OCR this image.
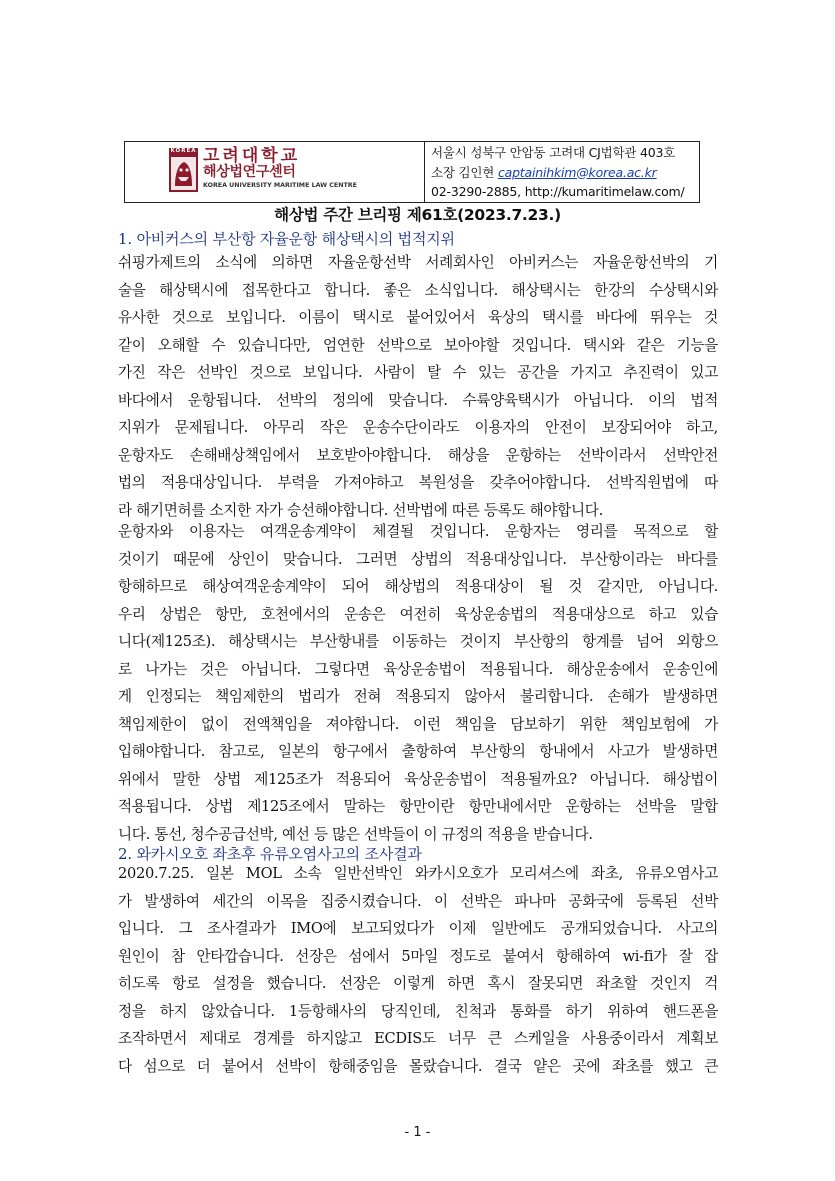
KOREA 고려대학교
해상법연구센터
KOREA UNIVERSITY MARITIME LAW CENTRE
서울시 성북구 안암동 고려대 CJ법학관 403호
소장 김인현 captainihkim@korea.ac.kr
02-3290-2885, http://kumaritimelaw.com/
해상법 주간 브리핑 제61호(2023.7.23.)
1. 아비커스의 부산항 자율운항 해상택시의 법적지위
쉬핑가제트의 소식에 의하면 자율운항선박 서례회사인 아비커스는 자율운항선박의 기
술을 해상택시에 접목한다고 합니다. 좋은 소식입니다. 해상택시는 한강의 수상택시와
유사한 것으로 보입니다. 이름이 택시로 붙어있어서 육상의 택시를 바다에 뛰우는 것
같이 오해할 수 있습니다만, 엄연한 선박으로 보아야할 것입니다. 택시와 같은 기능을
가진 작은 선박인 것으로 보입니다. 사람이 탈 수 있는 공간을 가지고 추진력이 있고
바다에서 운항됩니다. 선박의 정의에 맞습니다. 수륙양육택시가 아닙니다. 이의 법적
지위가 문제됩니다. 아무리 작은 운송수단이라도 이용자의 안전이 보장되어야 하고,
운항자도 손해배상책임에서 보호받아야합니다. 해상을 운항하는 선박이라서 선박안전
법의 적용대상입니다. 부력을 가져야하고 복원성을 갖추어야합니다. 선박직원법에 따
라 해기면허를 소지한 자가 승선해야합니다. 선박법에 따른 등록도 해야합니다.
운항자와 이용자는 여객운송계약이 체결될 것입니다. 운항자는 영리를 목적으로 할
것이기 때문에 상인이 맞습니다. 그러면 상법의 적용대상입니다. 부산항이라는 바다를
항해하므로 해상여객운송계약이 되어 해상법의 적용대상이 될 것 같지만, 아닙니다.
우리 상법은 항만, 호천에서의 운송은 여전히 육상운송법의 적용대상으로 하고 있습
니다(제125조). 해상택시는 부산항내를 이동하는 것이지 부산항의 항계를 넘어 외항으
로 나가는 것은 아닙니다. 그렇다면 육상운송법이 적용됩니다. 해상운송에서 운송인에
게 인정되는 책임제한의 법리가 전혀 적용되지 않아서 불리합니다. 손해가 발생하면
책임제한이 없이 전액책임을 져야합니다. 이런 책임을 담보하기 위한 책임보험에 가
입해야합니다. 참고로, 일본의 항구에서 출항하여 부산항의 항내에서 사고가 발생하면
위에서 말한 상법 제125조가 적용되어 육상운송법이 적용될까요? 아닙니다. 해상법이
적용됩니다. 상법 제125조에서 말하는 항만이란 항만내에서만 운항하는 선박을 말합
니다. 통선, 청수공급선박, 예선 등 많은 선박들이 이 규정의 적용을 받습니다.
2. 와카시오호 좌초후 유류오염사고의 조사결과
2020.7.25. 일본 MOL 소속 일반선박인 와카시오호가 모리셔스에 좌초, 유류오염사고
가 발생하여 세간의 이목을 집중시켰습니다. 이 선박은 파나마 공화국에 등록된 선박
입니다. 그 조사결과가 IMO에 보고되었다가 이제 일반에도 공개되었습니다. 사고의
원인이 참 안타깝습니다. 선장은 섬에서 5마일 정도로 붙여서 항해하여 wi-fi가 잘 잡
히도록 항로 설정을 했습니다. 선장은 이렇게 하면 혹시 잘못되면 좌초할 것인지 걱
정을 하지 않았습니다. 1등항해사의 당직인데, 친척과 통화를 하기 위하여 핸드폰을
조작하면서 제대로 경계를 하지않고 ECDIS도 너무 큰 스케일을 사용중이라서 계획보
다 섬으로 더 붙어서 선박이 항해중임을 몰랐습니다. 결국 얕은 곳에 좌초를 했고 큰
- 1 -
